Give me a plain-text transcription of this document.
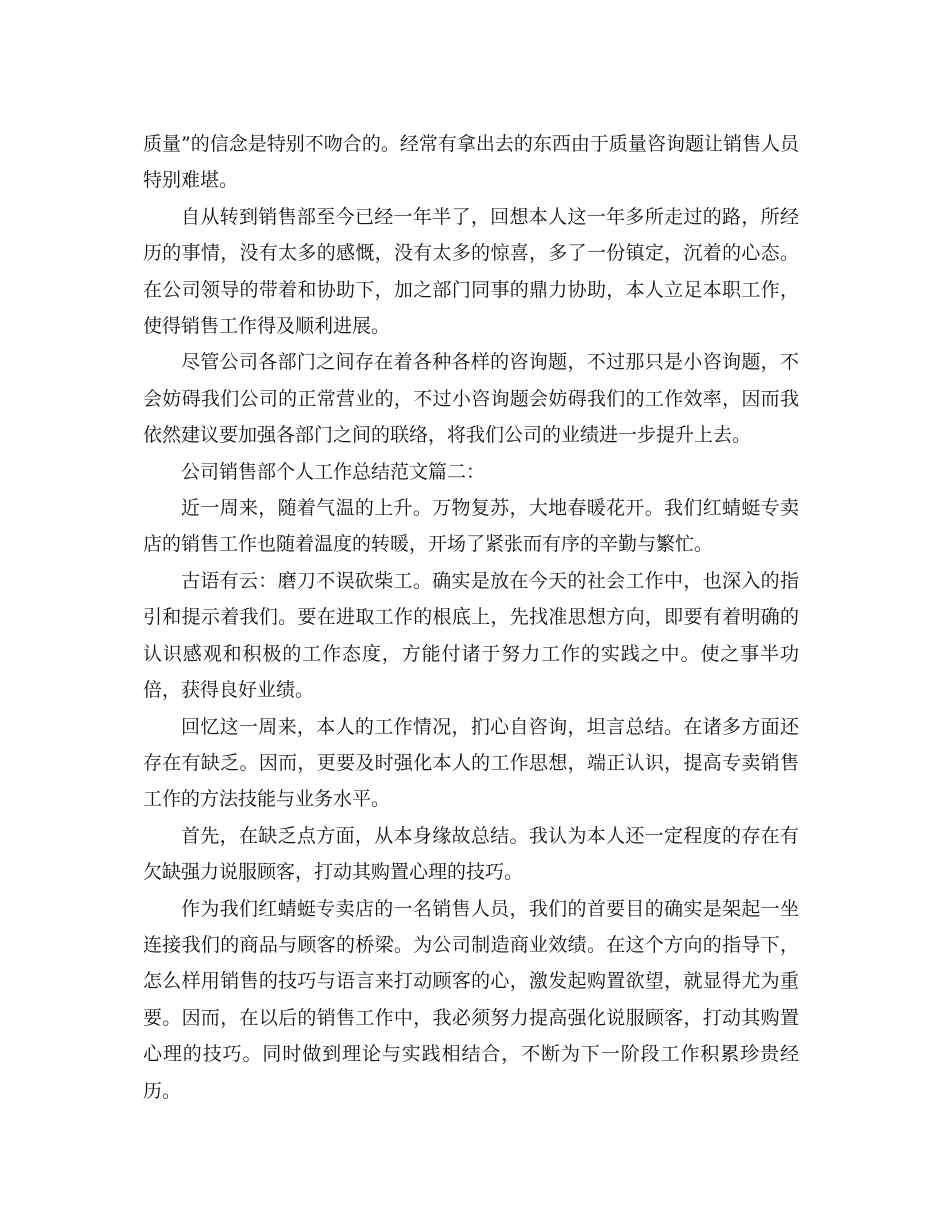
质量”的信念是特别不吻合的。经常有拿出去的东西由于质量咨询题让销售人员特别难堪。

自从转到销售部至今已经一年半了，回想本人这一年多所走过的路，所经历的事情，没有太多的感慨，没有太多的惊喜，多了一份镇定，沉着的心态。在公司领导的带着和协助下，加之部门同事的鼎力协助，本人立足本职工作，使得销售工作得及顺利进展。

尽管公司各部门之间存在着各种各样的咨询题，不过那只是小咨询题，不会妨碍我们公司的正常营业的，不过小咨询题会妨碍我们的工作效率，因而我依然建议要加强各部门之间的联络，将我们公司的业绩进一步提升上去。

公司销售部个人工作总结范文篇二：

近一周来，随着气温的上升。万物复苏，大地春暖花开。我们红蜻蜓专卖店的销售工作也随着温度的转暖，开场了紧张而有序的辛勤与繁忙。

古语有云：磨刀不误砍柴工。确实是放在今天的社会工作中，也深入的指引和提示着我们。要在进取工作的根底上，先找准思想方向，即要有着明确的认识感观和积极的工作态度，方能付诸于努力工作的实践之中。使之事半功倍，获得良好业绩。

回忆这一周来，本人的工作情况，扪心自咨询，坦言总结。在诸多方面还存在有缺乏。因而，更要及时强化本人的工作思想，端正认识，提高专卖销售工作的方法技能与业务水平。

首先，在缺乏点方面，从本身缘故总结。我认为本人还一定程度的存在有欠缺强力说服顾客，打动其购置心理的技巧。

作为我们红蜻蜓专卖店的一名销售人员，我们的首要目的确实是架起一坐连接我们的商品与顾客的桥梁。为公司制造商业效绩。在这个方向的指导下，怎么样用销售的技巧与语言来打动顾客的心，激发起购置欲望，就显得尤为重要。因而，在以后的销售工作中，我必须努力提高强化说服顾客，打动其购置心理的技巧。同时做到理论与实践相结合，不断为下一阶段工作积累珍贵经历。
